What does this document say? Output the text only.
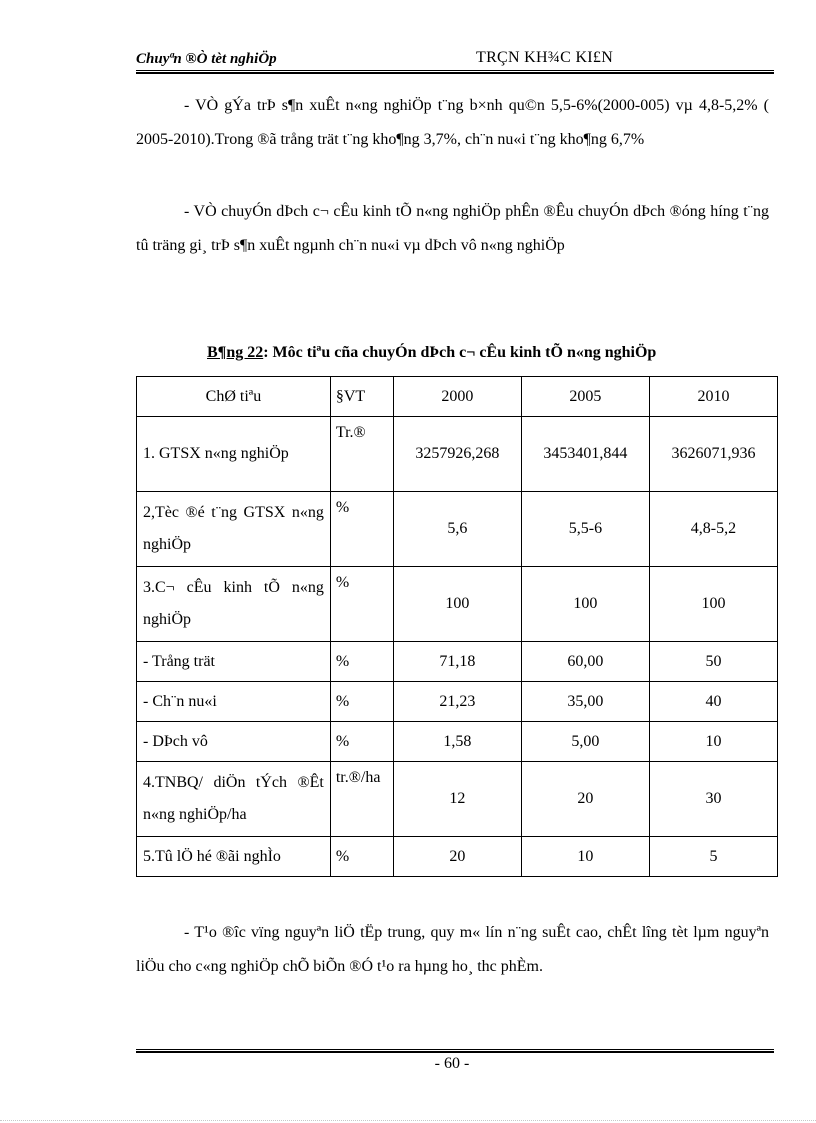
Chuyªn ®Ò tèt nghiÖp	TRÇN KH¾C KI£N

- VÒ gÝa trÞ s¶n xuÊt n«ng nghiÖp t¨ng b×nh qu©n 5,5-6%(2000-005) vµ 4,8-5,2% ( 2005-2010).Trong ®ã trång trät t¨ng kho¶ng 3,7%, ch¨n nu«i t¨ng kho¶ng 6,7%

- VÒ chuyÓn dÞch c¬ cÊu kinh tÕ n«ng nghiÖp phÊn ®Êu chuyÓn dÞch ®óng híng t¨ng tû träng gi¸ trÞ s¶n xuÊt ngµnh ch¨n nu«i vµ dÞch vô n«ng nghiÖp

B¶ng 22: Môc tiªu cña chuyÓn dÞch c¬ cÊu kinh tÕ n«ng nghiÖp
ChØ tiªu	§VT	2000	2005	2010
1. GTSX n«ng nghiÖp	Tr.®	3257926,268	3453401,844	3626071,936
2,Tèc ®é t¨ng GTSX n«ng nghiÖp	%	5,6	5,5-6	4,8-5,2
3.C¬ cÊu kinh tÕ n«ng nghiÖp	%	100	100	100
- Trång trät	%	71,18	60,00	50
- Ch¨n nu«i	%	21,23	35,00	40
- DÞch vô	%	1,58	5,00	10
4.TNBQ/ diÖn tÝch ®Êt n«ng nghiÖp/ha	tr.®/ha	12	20	30
5.Tû lÖ hé ®ãi nghÌo	%	20	10	5

- T¹o ®îc vïng nguyªn liÖ tËp trung, quy m« lín n¨ng suÊt cao, chÊt lîng tèt lµm nguyªn liÖu cho c«ng nghiÖp chÕ biÕn ®Ó t¹o ra hµng ho¸ thc phÈm.

- 60 -
